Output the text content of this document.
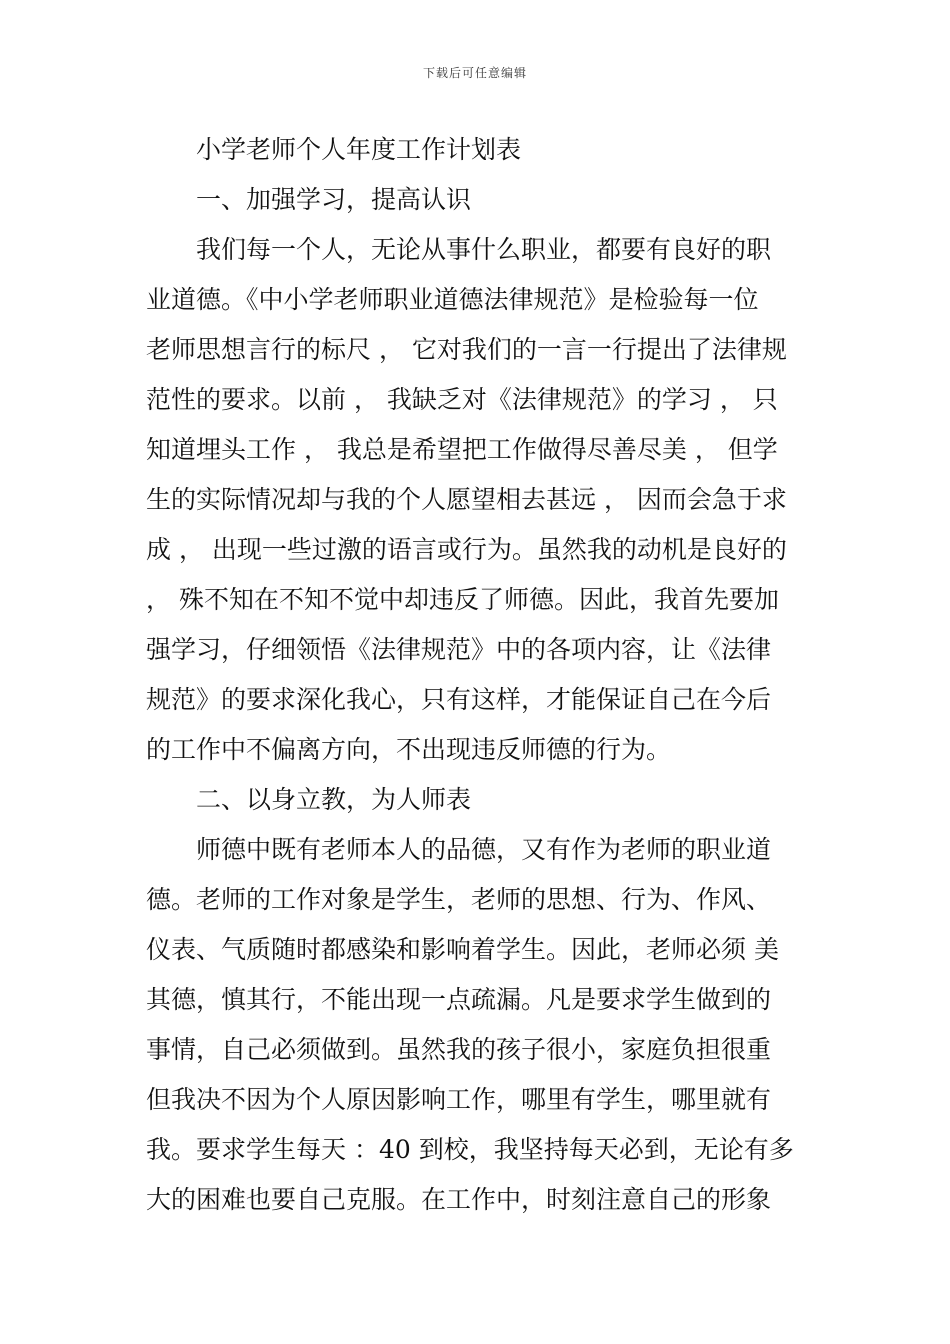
下载后可任意编辑
小学老师个人年度工作计划表
一、加强学习，提高认识
我们每一个人，无论从事什么职业，都要有良好的职
业道德。《中小学老师职业道德法律规范》是检验每一位
老师思想言行的标尺 ， 它对我们的一言一行提出了法律规
范性的要求。以前 ， 我缺乏对《法律规范》的学习 ， 只
知道埋头工作 ， 我总是希望把工作做得尽善尽美 ， 但学
生的实际情况却与我的个人愿望相去甚远 ， 因而会急于求
成 ， 出现一些过激的语言或行为。虽然我的动机是良好的
， 殊不知在不知不觉中却违反了师德。因此，我首先要加
强学习，仔细领悟《法律规范》中的各项内容，让《法律
规范》的要求深化我心，只有这样，才能保证自己在今后
的工作中不偏离方向，不出现违反师德的行为。
二、以身立教，为人师表
师德中既有老师本人的品德，又有作为老师的职业道
德。老师的工作对象是学生，老师的思想、行为、作风、
仪表、气质随时都感染和影响着学生。因此，老师必须 美
其德，慎其行，不能出现一点疏漏。凡是要求学生做到的
事情，自己必须做到。虽然我的孩子很小，家庭负担很重
但我决不因为个人原因影响工作，哪里有学生，哪里就有
我。要求学生每天 ：40 到校，我坚持每天必到，无论有多
大的困难也要自己克服。在工作中，时刻注意自己的形象
